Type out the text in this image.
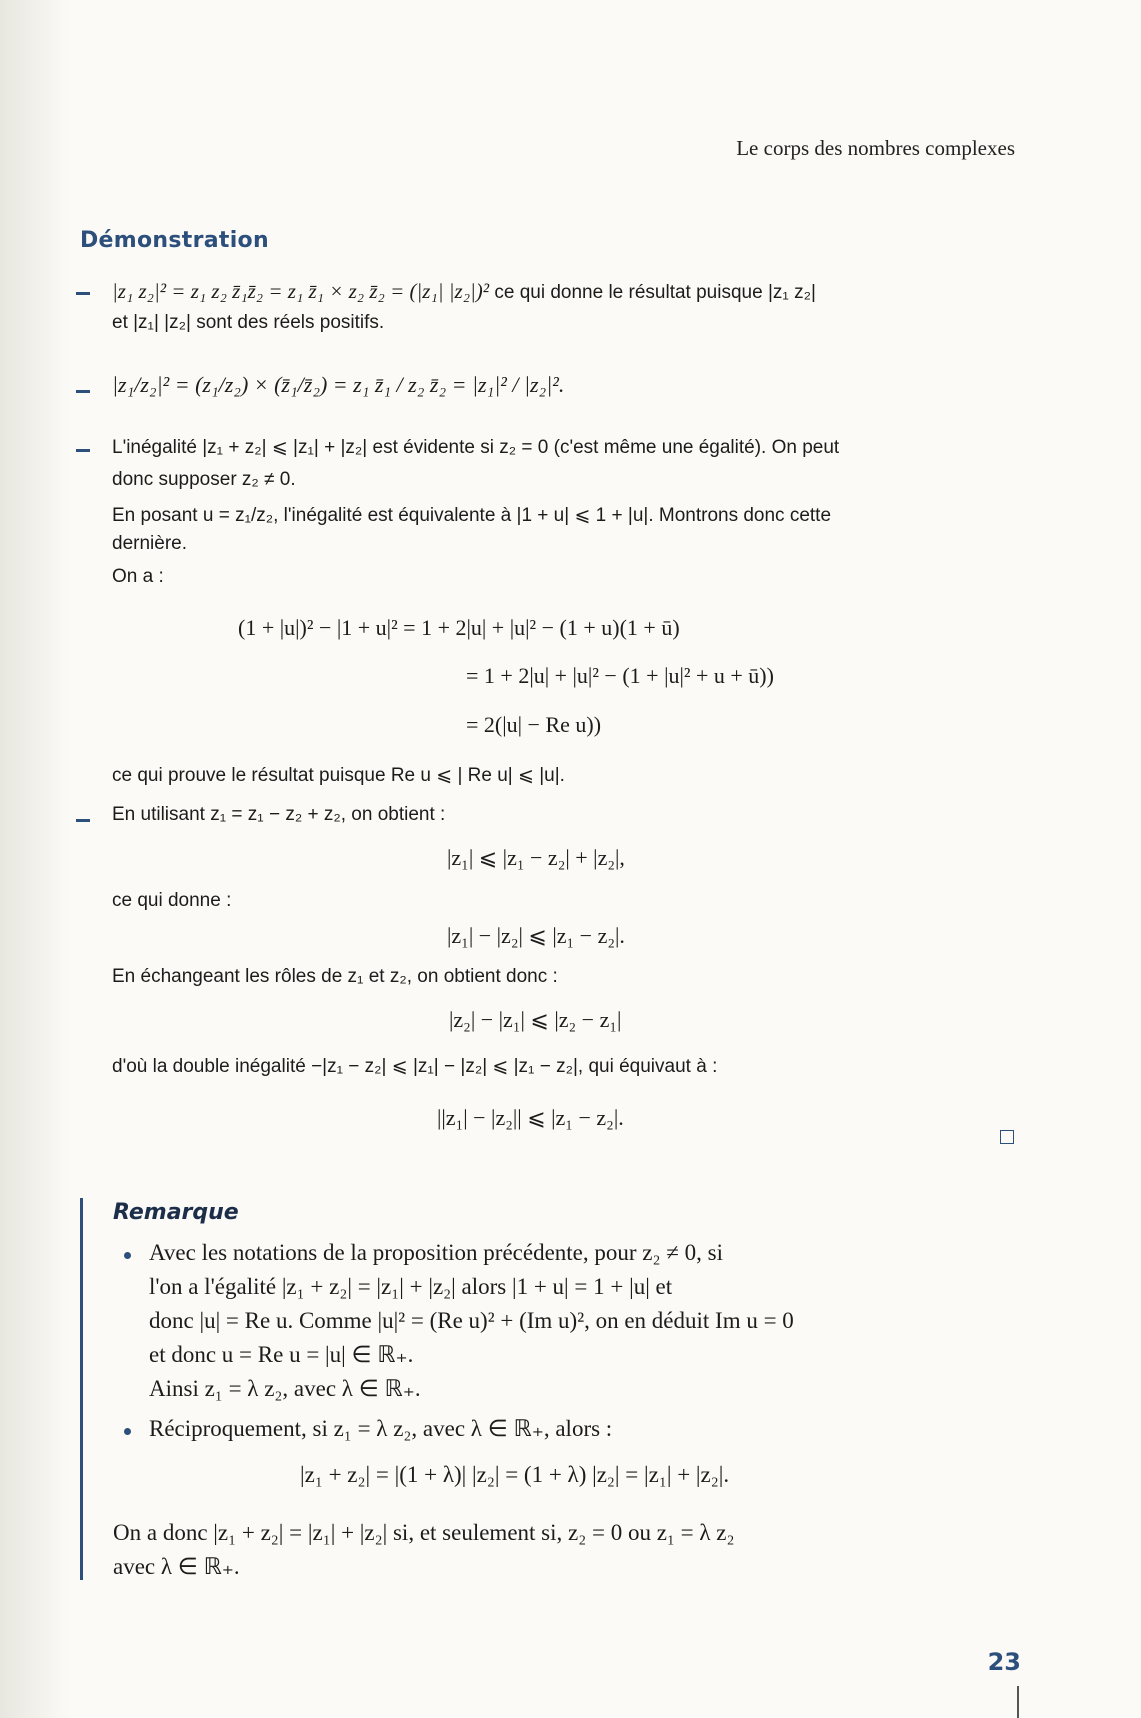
Le corps des nombres complexes
Démonstration
|z₁ z₂|² = z₁ z₂ z̄₁z̄₂ = z₁ z̄₁ × z₂ z̄₂ = (|z₁| |z₂|)² ce qui donne le résultat puisque |z₁ z₂|
et |z₁| |z₂| sont des réels positifs.
|z₁/z₂|² = (z₁/z₂) × (z̄₁/z̄₂) = z₁ z̄₁ / z₂ z̄₂ = |z₁|² / |z₂|².
L'inégalité |z₁ + z₂| ⩽ |z₁| + |z₂| est évidente si z₂ = 0 (c'est même une égalité). On peut
donc supposer z₂ ≠ 0.
En posant u = z₁/z₂, l'inégalité est équivalente à |1 + u| ⩽ 1 + |u|. Montrons donc cette
dernière.
On a :
(1 + |u|)² − |1 + u|² = 1 + 2|u| + |u|² − (1 + u)(1 + ū)
= 1 + 2|u| + |u|² − (1 + |u|² + u + ū))
= 2(|u| − Re u))
ce qui prouve le résultat puisque Re u ⩽ | Re u| ⩽ |u|.
En utilisant z₁ = z₁ − z₂ + z₂, on obtient :
|z₁| ⩽ |z₁ − z₂| + |z₂|,
ce qui donne :
|z₁| − |z₂| ⩽ |z₁ − z₂|.
En échangeant les rôles de z₁ et z₂, on obtient donc :
|z₂| − |z₁| ⩽ |z₂ − z₁|
d'où la double inégalité −|z₁ − z₂| ⩽ |z₁| − |z₂| ⩽ |z₁ − z₂|, qui équivaut à :
||z₁| − |z₂|| ⩽ |z₁ − z₂|.
Remarque
Avec les notations de la proposition précédente, pour z₂ ≠ 0, si
l'on a l'égalité |z₁ + z₂| = |z₁| + |z₂| alors |1 + u| = 1 + |u| et
donc |u| = Re u. Comme |u|² = (Re u)² + (Im u)², on en déduit Im u = 0
et donc u = Re u = |u| ∈ ℝ₊.
Ainsi z₁ = λ z₂, avec λ ∈ ℝ₊.
Réciproquement, si z₁ = λ z₂, avec λ ∈ ℝ₊, alors :
|z₁ + z₂| = |(1 + λ)| |z₂| = (1 + λ) |z₂| = |z₁| + |z₂|.
On a donc |z₁ + z₂| = |z₁| + |z₂| si, et seulement si, z₂ = 0 ou z₁ = λ z₂
avec λ ∈ ℝ₊.
23
